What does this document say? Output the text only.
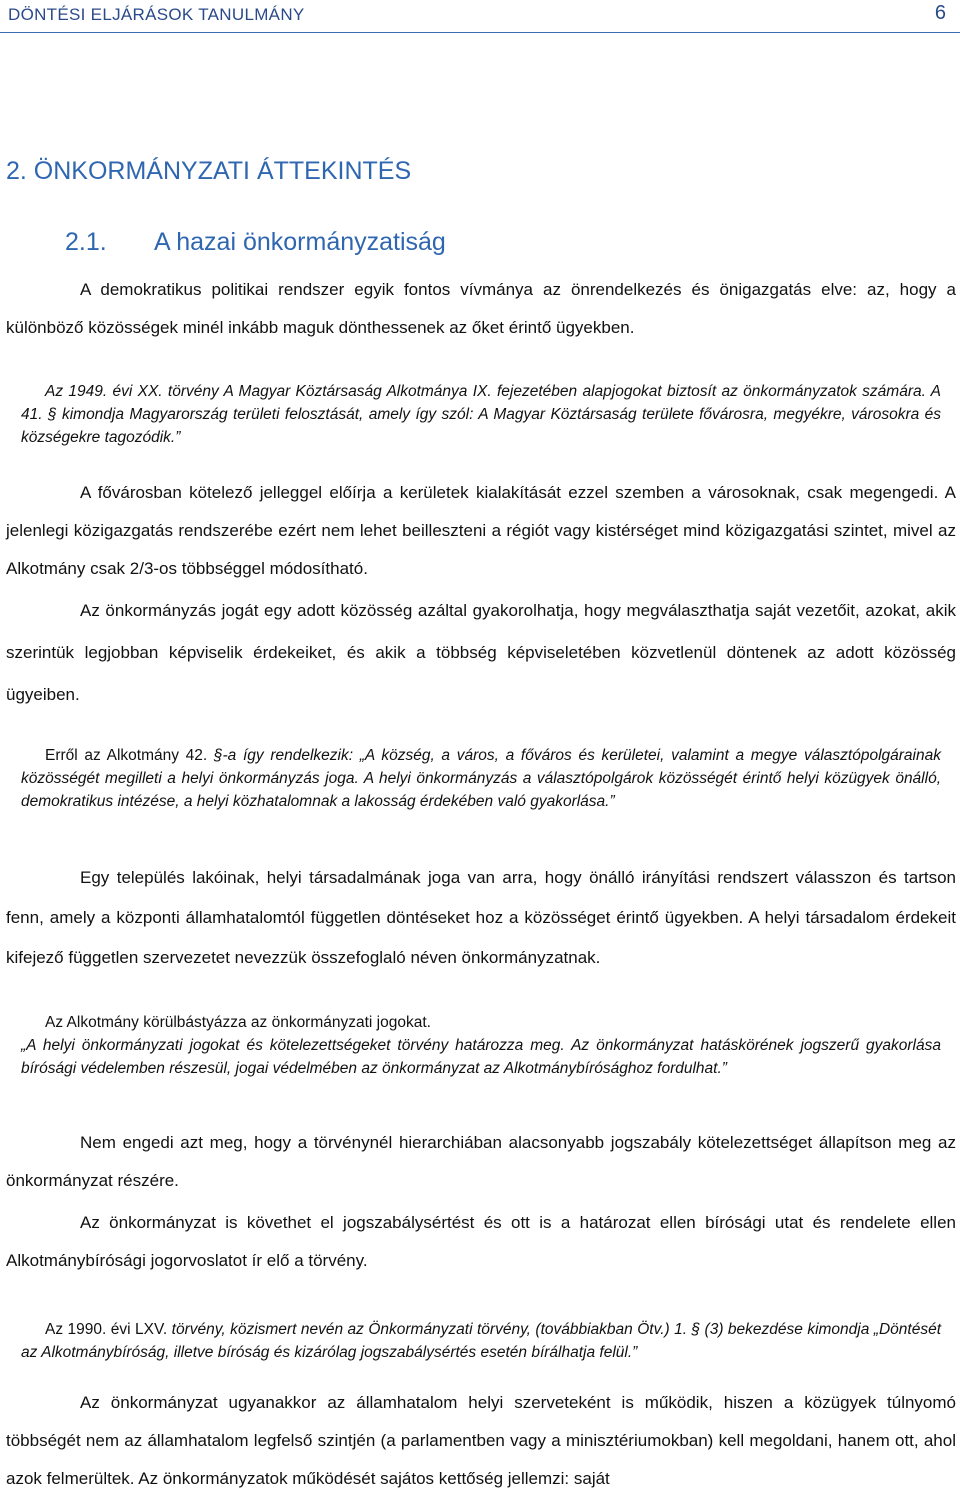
DÖNTÉSI ELJÁRÁSOK TANULMÁNY	6
2. ÖNKORMÁNYZATI ÁTTEKINTÉS
2.1. A hazai önkormányzatiság

A demokratikus politikai rendszer egyik fontos vívmánya az önrendelkezés és önigazgatás elve: az, hogy a különböző közösségek minél inkább maguk dönthessenek az őket érintő ügyekben.

Az 1949. évi XX. törvény A Magyar Köztársaság Alkotmánya IX. fejezetében alapjogokat biztosít az önkormányzatok számára. A 41. § kimondja Magyarország területi felosztását, amely így szól: A Magyar Köztársaság területe fővárosra, megyékre, városokra és községekre tagozódik.”

A fővárosban kötelező jelleggel előírja a kerületek kialakítását ezzel szemben a városoknak, csak megengedi. A jelenlegi közigazgatás rendszerébe ezért nem lehet beilleszteni a régiót vagy kistérséget mind közigazgatási szintet, mivel az Alkotmány csak 2/3-os többséggel módosítható.

Az önkormányzás jogát egy adott közösség azáltal gyakorolhatja, hogy megválaszthatja saját vezetőit, azokat, akik szerintük legjobban képviselik érdekeiket, és akik a többség képviseletében közvetlenül döntenek az adott közösség ügyeiben.

Erről az Alkotmány 42. §-a így rendelkezik: „A község, a város, a főváros és kerületei, valamint a megye választópolgárainak közösségét megilleti a helyi önkormányzás joga. A helyi önkormányzás a választópolgárok közösségét érintő helyi közügyek önálló, demokratikus intézése, a helyi közhatalomnak a lakosság érdekében való gyakorlása.”

Egy település lakóinak, helyi társadalmának joga van arra, hogy önálló irányítási rendszert válasszon és tartson fenn, amely a központi államhatalomtól független döntéseket hoz a közösséget érintő ügyekben. A helyi társadalom érdekeit kifejező független szervezetet nevezzük összefoglaló néven önkormányzatnak.

Az Alkotmány körülbástyázza az önkormányzati jogokat.
„A helyi önkormányzati jogokat és kötelezettségeket törvény határozza meg. Az önkormányzat hatáskörének jogszerű gyakorlása bírósági védelemben részesül, jogai védelmében az önkormányzat az Alkotmánybírósághoz fordulhat.”

Nem engedi azt meg, hogy a törvénynél hierarchiában alacsonyabb jogszabály kötelezettséget állapítson meg az önkormányzat részére.

Az önkormányzat is követhet el jogszabálysértést és ott is a határozat ellen bírósági utat és rendelete ellen Alkotmánybírósági jogorvoslatot ír elő a törvény.

Az 1990. évi LXV. törvény, közismert nevén az Önkormányzati törvény, (továbbiakban Ötv.) 1. § (3) bekezdése kimondja „Döntését az Alkotmánybíróság, illetve bíróság és kizárólag jogszabálysértés esetén bírálhatja felül.”

Az önkormányzat ugyanakkor az államhatalom helyi szerveteként is működik, hiszen a közügyek túlnyomó többségét nem az államhatalom legfelső szintjén (a parlamentben vagy a minisztériumokban) kell megoldani, hanem ott, ahol azok felmerültek. Az önkormányzatok működését sajátos kettőség jellemzi: saját
